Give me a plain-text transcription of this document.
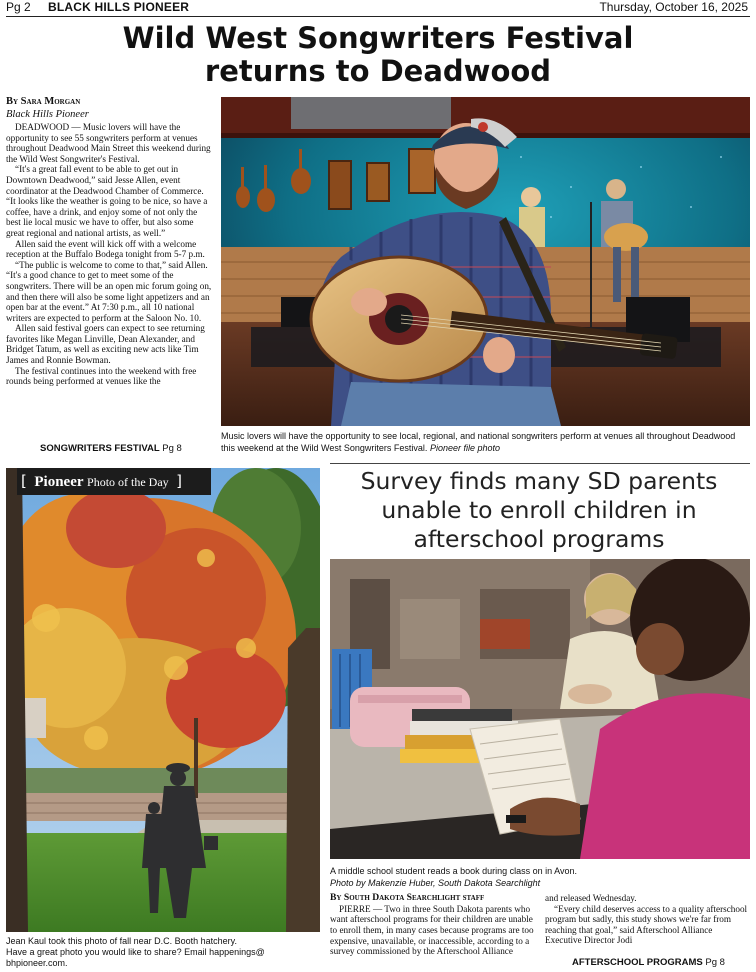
Pg 2 BLACK HILLS PIONEER	Thursday, October 16, 2025
Wild West Songwriters Festival
returns to Deadwood
By Sara Morgan
Black Hills Pioneer

DEADWOOD — Music lovers will have the opportunity to see 55 songwriters perform at venues throughout Deadwood Main Street this weekend during the Wild West Songwriter's Festival.

“It's a great fall event to be able to get out in Downtown Deadwood,” said Jesse Allen, event coordinator at the Deadwood Chamber of Commerce. “It looks like the weather is going to be nice, so have a coffee, have a drink, and enjoy some of not only the best lie local music we have to offer, but also some great regional and national artists, as well.”

Allen said the event will kick off with a welcome reception at the Buffalo Bodega tonight from 5-7 p.m.

“The public is welcome to come to that,” said Allen. “It's a good chance to get to meet some of the songwriters. There will be an open mic forum going on, and then there will also be some light appetizers and an open bar at the event.” At 7:30 p.m., all 10 national writers are expected to perform at the Saloon No. 10.

Allen said festival goers can expect to see returning favorites like Megan Linville, Dean Alexander, and Bridget Tatum, as well as exciting new acts like Tim James and Ronnie Bowman.

The festival continues into the weekend with free rounds being performed at venues like the

SONGWRITERS FESTIVAL Pg 8
Music lovers will have the opportunity to see local, regional, and national songwriters perform at venues all throughout Deadwood this weekend at the Wild West Songwriters Festival. Pioneer file photo
[ Pioneer Photo of the Day ]
Jean Kaul took this photo of fall near D.C. Booth hatchery.
Have a great photo you would like to share? Email happenings@
bhpioneer.com.
Survey finds many SD parents
unable to enroll children in
afterschool programs
A middle school student reads a book during class on in Avon.
Photo by Makenzie Huber, South Dakota Searchlight
By South Dakota Searchlight staff

PIERRE — Two in three South Dakota parents who want afterschool programs for their children are unable to enroll them, in many cases because programs are too expensive, unavailable, or inaccessible, according to a survey commissioned by the Afterschool Alliance

and released Wednesday.

“Every child deserves access to a quality afterschool program but sadly, this study shows we're far from reaching that goal,” said Afterschool Alliance Executive Director Jodi

AFTERSCHOOL PROGRAMS Pg 8
